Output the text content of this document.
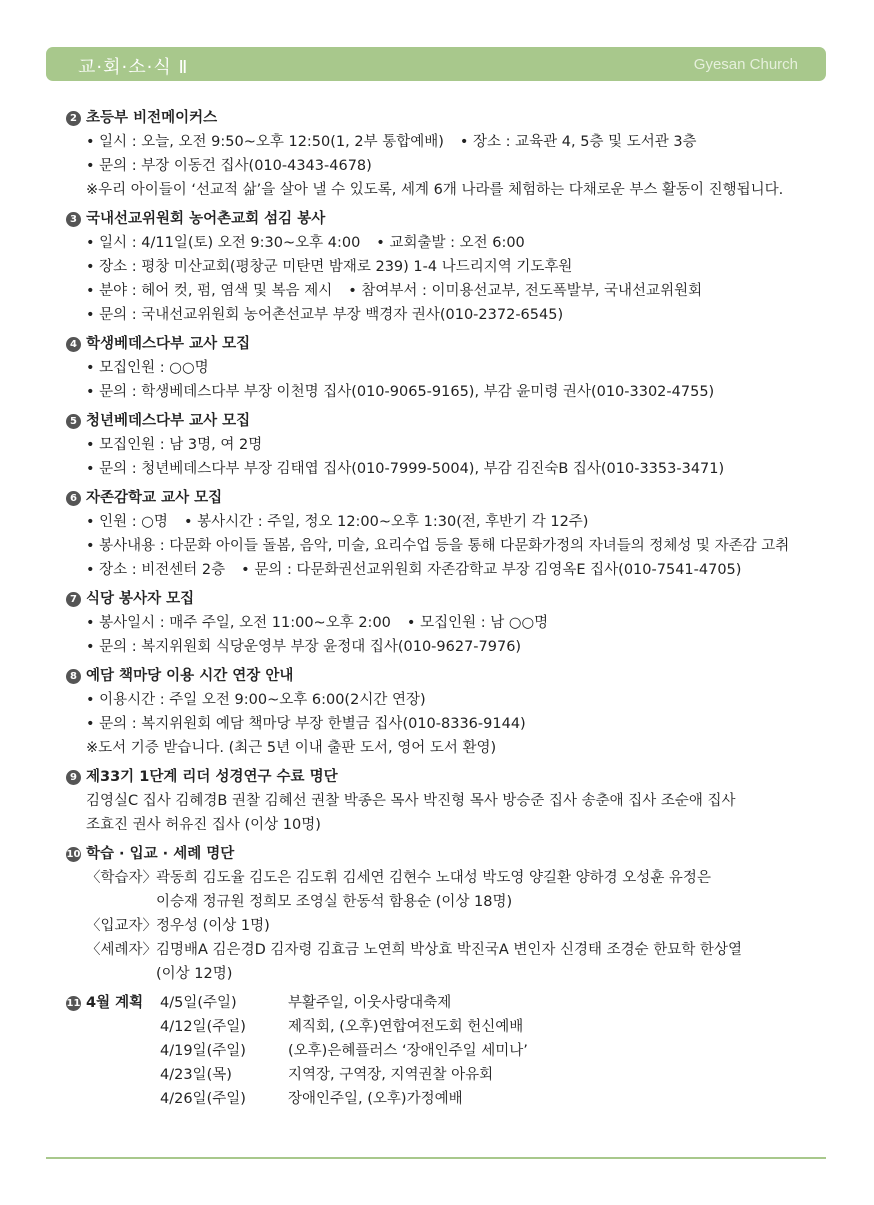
교·회·소·식 Ⅱ	Gyesan Church
2 초등부 비전메이커스
• 일시 : 오늘, 오전 9:50~오후 12:50(1, 2부 통합예배) • 장소 : 교육관 4, 5층 및 도서관 3층
• 문의 : 부장 이동건 집사(010-4343-4678)
※우리 아이들이 ‘선교적 삶’을 살아 낼 수 있도록, 세계 6개 나라를 체험하는 다채로운 부스 활동이 진행됩니다.
3 국내선교위원회 농어촌교회 섬김 봉사
• 일시 : 4/11일(토) 오전 9:30~오후 4:00 • 교회출발 : 오전 6:00
• 장소 : 평창 미산교회(평창군 미탄면 밤재로 239) 1-4 나드리지역 기도후원
• 분야 : 헤어 컷, 펌, 염색 및 복음 제시 • 참여부서 : 이미용선교부, 전도폭발부, 국내선교위원회
• 문의 : 국내선교위원회 농어촌선교부 부장 백경자 권사(010-2372-6545)
4 학생베데스다부 교사 모집
• 모집인원 : ○○명
• 문의 : 학생베데스다부 부장 이천명 집사(010-9065-9165), 부감 윤미령 권사(010-3302-4755)
5 청년베데스다부 교사 모집
• 모집인원 : 남 3명, 여 2명
• 문의 : 청년베데스다부 부장 김태엽 집사(010-7999-5004), 부감 김진숙B 집사(010-3353-3471)
6 자존감학교 교사 모집
• 인원 : ○명 • 봉사시간 : 주일, 정오 12:00~오후 1:30(전, 후반기 각 12주)
• 봉사내용 : 다문화 아이들 돌봄, 음악, 미술, 요리수업 등을 통해 다문화가정의 자녀들의 정체성 및 자존감 고취
• 장소 : 비전센터 2층 • 문의 : 다문화권선교위원회 자존감학교 부장 김영옥E 집사(010-7541-4705)
7 식당 봉사자 모집
• 봉사일시 : 매주 주일, 오전 11:00~오후 2:00 • 모집인원 : 남 ○○명
• 문의 : 복지위원회 식당운영부 부장 윤정대 집사(010-9627-7976)
8 예담 책마당 이용 시간 연장 안내
• 이용시간 : 주일 오전 9:00~오후 6:00(2시간 연장)
• 문의 : 복지위원회 예담 책마당 부장 한별금 집사(010-8336-9144)
※도서 기증 받습니다. (최근 5년 이내 출판 도서, 영어 도서 환영)
9 제33기 1단계 리더 성경연구 수료 명단
김영실C 집사 김혜경B 권찰 김혜선 권찰 박종은 목사 박진형 목사 방승준 집사 송춘애 집사 조순애 집사
조효진 권사 허유진 집사 (이상 10명)
10 학습 · 입교 · 세례 명단
〈학습자〉
곽동희 김도율 김도은 김도휘 김세연 김현수 노대성 박도영 양길환 양하경 오성훈 유정은
이승재 정규원 정희모 조영실 한동석 함용순 (이상 18명)
〈입교자〉
정우성 (이상 1명)
〈세례자〉
김명배A 김은경D 김자령 김효금 노연희 박상효 박진국A 변인자 신경태 조경순 한묘학 한상열
(이상 12명)
11 4월 계획 4/5일(주일)	부활주일, 이웃사랑대축제
4/12일(주일)	제직회, (오후)연합여전도회 헌신예배
4/19일(주일)	(오후)은혜플러스 ‘장애인주일 세미나’
4/23일(목)	지역장, 구역장, 지역권찰 아유회
4/26일(주일)	장애인주일, (오후)가정예배
